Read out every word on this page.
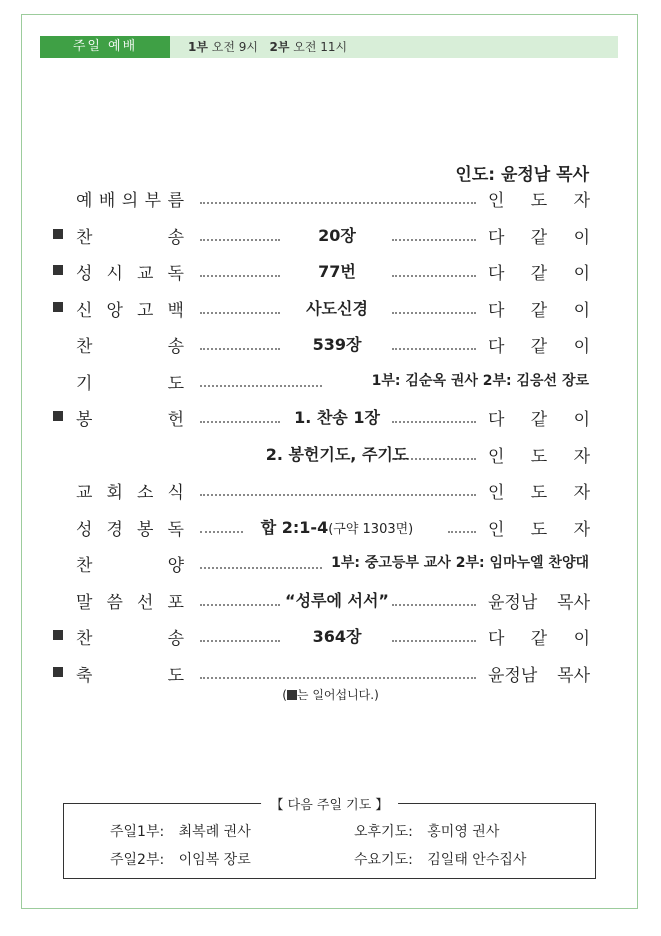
주일 예배	1부 오전 9시 2부 오전 11시
인도: 윤정남 목사
예 배 의 부 름	인 도 자
찬	송	20장	다 같 이
성 시 교 독	77번	다 같 이
신 앙 고 백	사도신경	다 같 이
찬	송	539장	다 같 이
기	도	1부: 김순옥 권사 2부: 김응선 장로
봉	헌	1. 찬송 1장	다 같 이
2. 봉헌기도, 주기도	인 도 자
교 회 소 식	인 도 자
성 경 봉 독	합 2:1-4(구약 1303면)	인 도 자
찬	양	1부: 중고등부 교사 2부: 임마누엘 찬양대
말 씀 선 포	“성루에 서서”	윤정남 목사
찬	송	364장	다 같 이
축	도	윤정남 목사
( 는 일어섭니다.)
【 다음 주일 기도 】
주일1부: 최복례 권사	오후기도: 홍미영 권사
주일2부: 이임복 장로	수요기도: 김일태 안수집사
